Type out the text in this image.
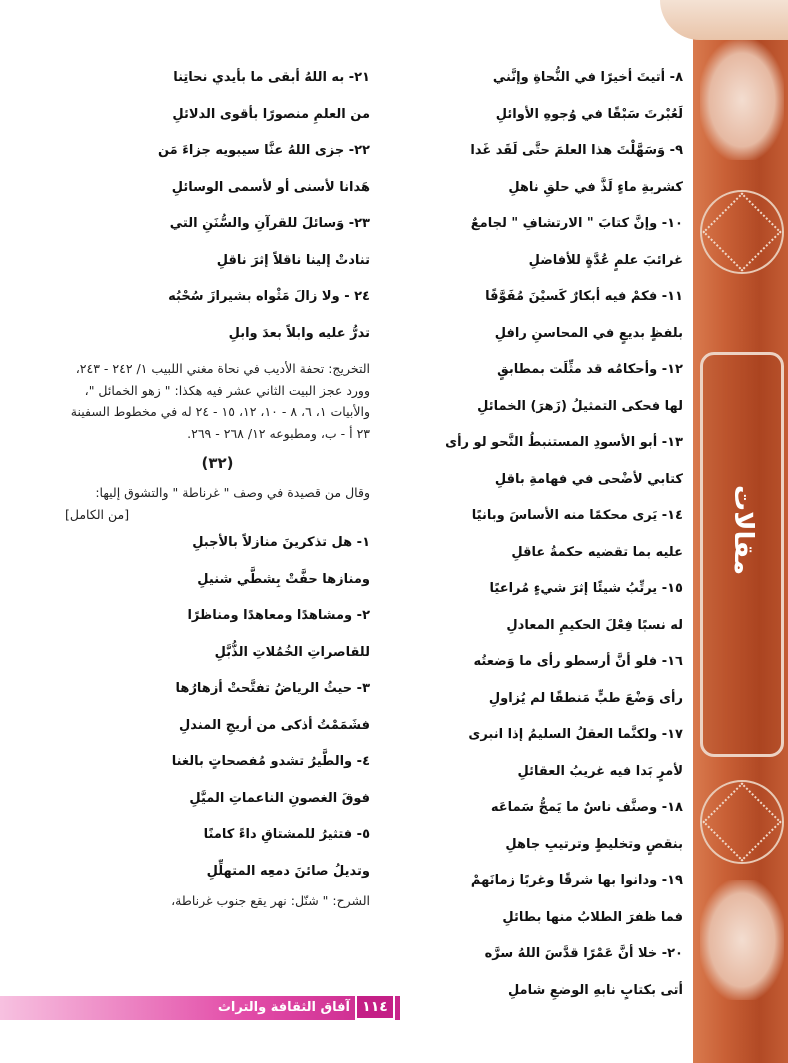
مقالات
٨- أتيتَ أخيرًا في النُّحاةِ وإنَّني
لَعُبْرتَ سَبْقًا في وُجوهِ الأوائلِ
٩- وَسَهَّلْتَ هذا العلمَ حتَّى لَقَد غَدا
كشربةِ ماءٍ لَذَّ في حلقِ ناهلِ
١٠- وإنَّ كتابَ " الارتشافِ " لجامعٌ
غرائبَ علمٍ عُدَّةٍ للأفاضلِ
١١- فكمْ فيه أبكارٌ كَسيْنَ مُفَوَّفًا
بلفظٍ بديعٍ في المحاسنِ رافلِ
١٢- وأحكامُه قد مثِّلَت بمطابقٍ
لها فحكى التمثيلُ (زَهرَ) الخمائلِ
١٣- أبو الأسودِ المستنبطُ النَّحو لو رأى
كتابي لأضْحى في فهامةِ باقلِ
١٤- يَرى محكمًا منه الأساسَ وبانيًا
عليه بما تقضيه حكمةُ عاقلِ
١٥- يرتِّبُ شيئًا إثرَ شيءٍ مُراعيًا
له نسبًا فِعْلَ الحكيمِ المعادلِ
١٦- فلو أنَّ أرسطو رأى ما وَضعتُه
رأى وَضْعَ طبٍّ مَنطقًا لم يُزاولِ
١٧- ولكنَّما العقلُ السليمُ إذا انبرى
لأمرٍ بَدا فيه غريبُ العقائلِ
١٨- وصنَّف ناسٌ ما يَمجُّ سَماعَه
بنقصٍ وتخليطٍ وترتيبِ جاهلِ
١٩- ودانوا بها شرقًا وغربًا زمانَهمْ
فما ظفرَ الطلابُ منها بطائلِ
٢٠- خلا أنَّ عَمْرًا قدَّسَ اللهُ سرَّه
أتى بكتابٍ نابهِ الوضعِ شاملِ
٢١- به اللهُ أبقى ما بأيدي نحاتِنا
من العلمِ منصورًا بأقوى الدلائلِ
٢٢- جزى اللهُ عنَّا سيبويه جزاءَ مَن
هَدانا لأسنى أو لأسمى الوسائلِ
٢٣- وَسائلَ للقرآنِ والسُّنَنِ التي
تنادتْ إلينا ناقلاً إثرَ ناقلِ
٢٤ - ولا زالَ مَثْواه بشيرازَ سُحْبُه
تدرُّ عليه وابلاً بعدَ وابلِ
التخريج: تحفة الأديب في نحاة مغني اللبيب ١/ ٢٤٢ - ٢٤٣، وورد عجز البيت الثاني عشر فيه هكذا: " زهو الخمائل "، والأبيات ١، ٦، ٨ - ١٠، ١٢، ١٥ - ٢٤ له في مخطوط السفينة ٢٣ أ - ب، ومطبوعه ١٢/ ٢٦٨ - ٢٦٩.
(٣٢)
وقال من قصيدة في وصف " غرناطة " والتشوق إليها:
[من الكامل]
١- هل تذكرينَ منازلاً بالأجبلِ
ومنازها حفَّتْ بِشطَّي شنيلِ
٢- ومشاهدًا ومعاهدًا ومناظرًا
للقاصراتِ الخُمُلاتِ الذُّبَّلِ
٣- حيثُ الرياضُ تفتَّحتْ أزهارُها
فشَمَمْتُ أذكى من أريجِ المندلِ
٤- والطَّيرُ تشدو مُفصحاتٍ بالغنا
فوقَ الغصونِ الناعماتِ الميَّلِ
٥- فتثيرُ للمشتاقِ داءً كامنًا
وتديلُ صائنَ دمعِه المتهلِّلِ
الشرح: " شنّل: نهر يقع جنوب غرناطة،
آفاق الثقافة والتراث ١١٤
